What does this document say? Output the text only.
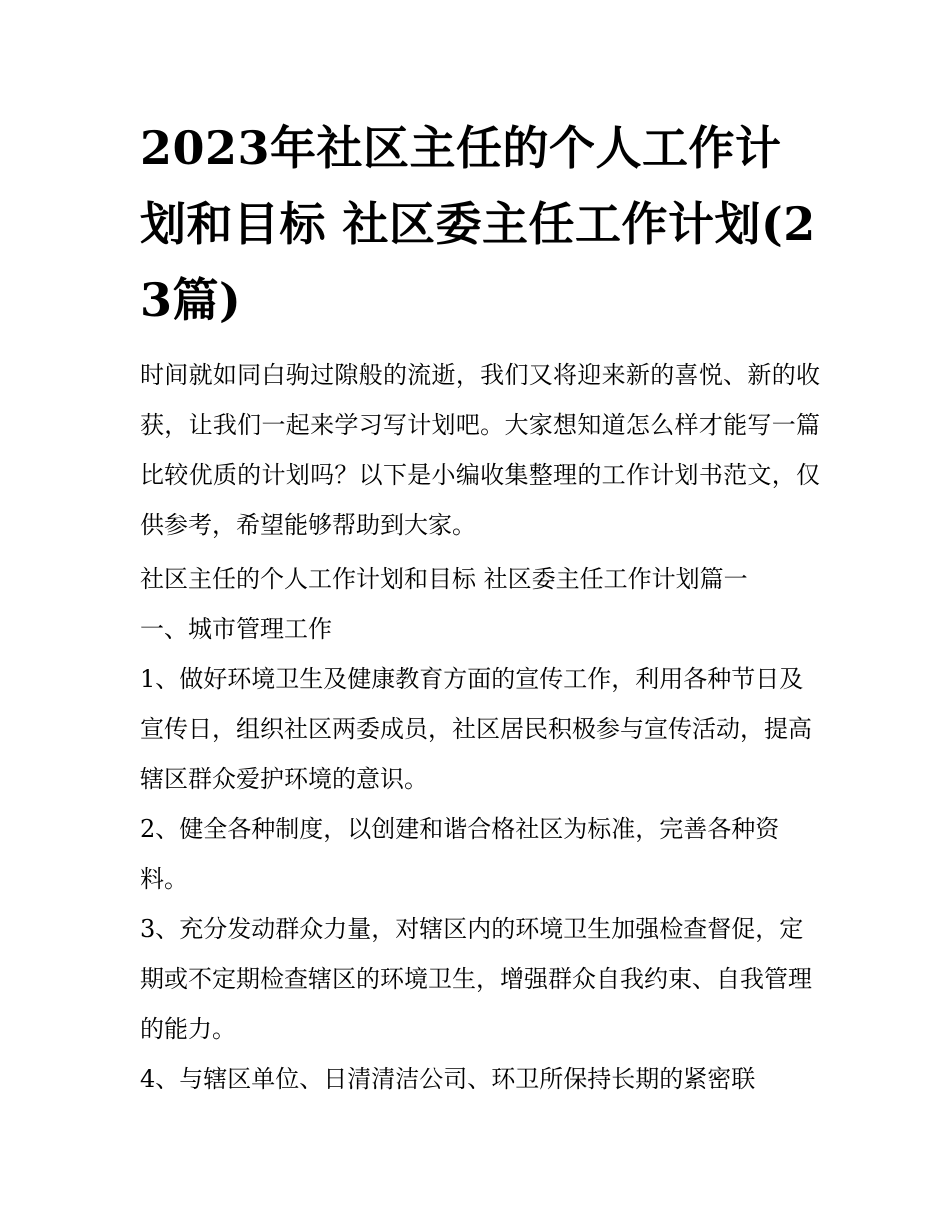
2023年社区主任的个人工作计划和目标 社区委主任工作计划(23篇)

时间就如同白驹过隙般的流逝，我们又将迎来新的喜悦、新的收获，让我们一起来学习写计划吧。大家想知道怎么样才能写一篇比较优质的计划吗？以下是小编收集整理的工作计划书范文，仅供参考，希望能够帮助到大家。

社区主任的个人工作计划和目标 社区委主任工作计划篇一

一、城市管理工作

1、做好环境卫生及健康教育方面的宣传工作，利用各种节日及宣传日，组织社区两委成员，社区居民积极参与宣传活动，提高辖区群众爱护环境的意识。

2、健全各种制度，以创建和谐合格社区为标准，完善各种资料。

3、充分发动群众力量，对辖区内的环境卫生加强检查督促，定期或不定期检查辖区的环境卫生，增强群众自我约束、自我管理的能力。

4、与辖区单位、日清清洁公司、环卫所保持长期的紧密联
